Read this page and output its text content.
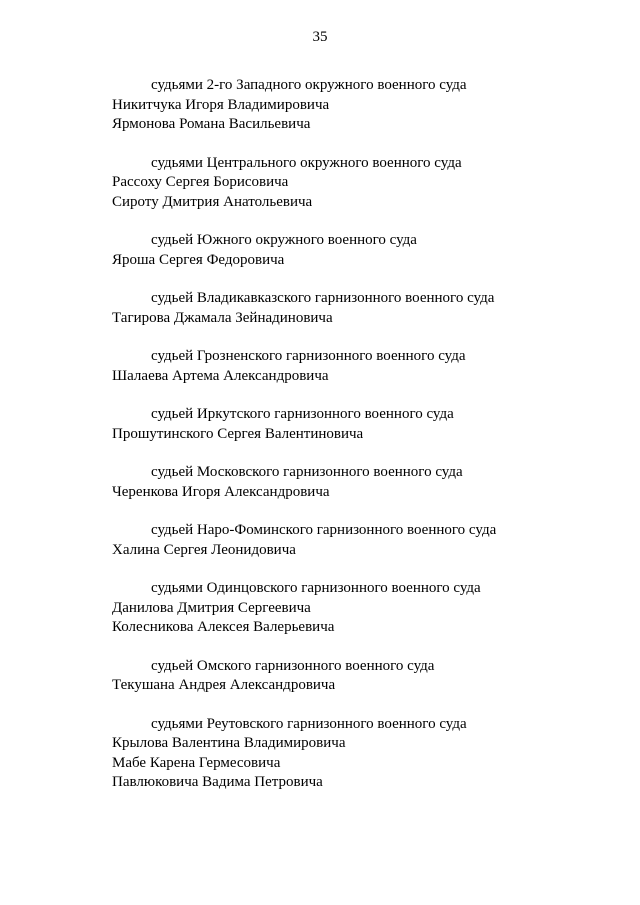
35
судьями 2-го Западного окружного военного суда
Никитчука Игоря Владимировича
Ярмонова Романа Васильевича
судьями Центрального окружного военного суда
Рассоху Сергея Борисовича
Сироту Дмитрия Анатольевича
судьей Южного окружного военного суда
Яроша Сергея Федоровича
судьей Владикавказского гарнизонного военного суда
Тагирова Джамала Зейнадиновича
судьей Грозненского гарнизонного военного суда
Шалаева Артема Александровича
судьей Иркутского гарнизонного военного суда
Прошутинского Сергея Валентиновича
судьей Московского гарнизонного военного суда
Черенкова Игоря Александровича
судьей Наро-Фоминского гарнизонного военного суда
Халина Сергея Леонидовича
судьями Одинцовского гарнизонного военного суда
Данилова Дмитрия Сергеевича
Колесникова Алексея Валерьевича
судьей Омского гарнизонного военного суда
Текушана Андрея Александровича
судьями Реутовского гарнизонного военного суда
Крылова Валентина Владимировича
Мабе Карена Гермесовича
Павлюковича Вадима Петровича
